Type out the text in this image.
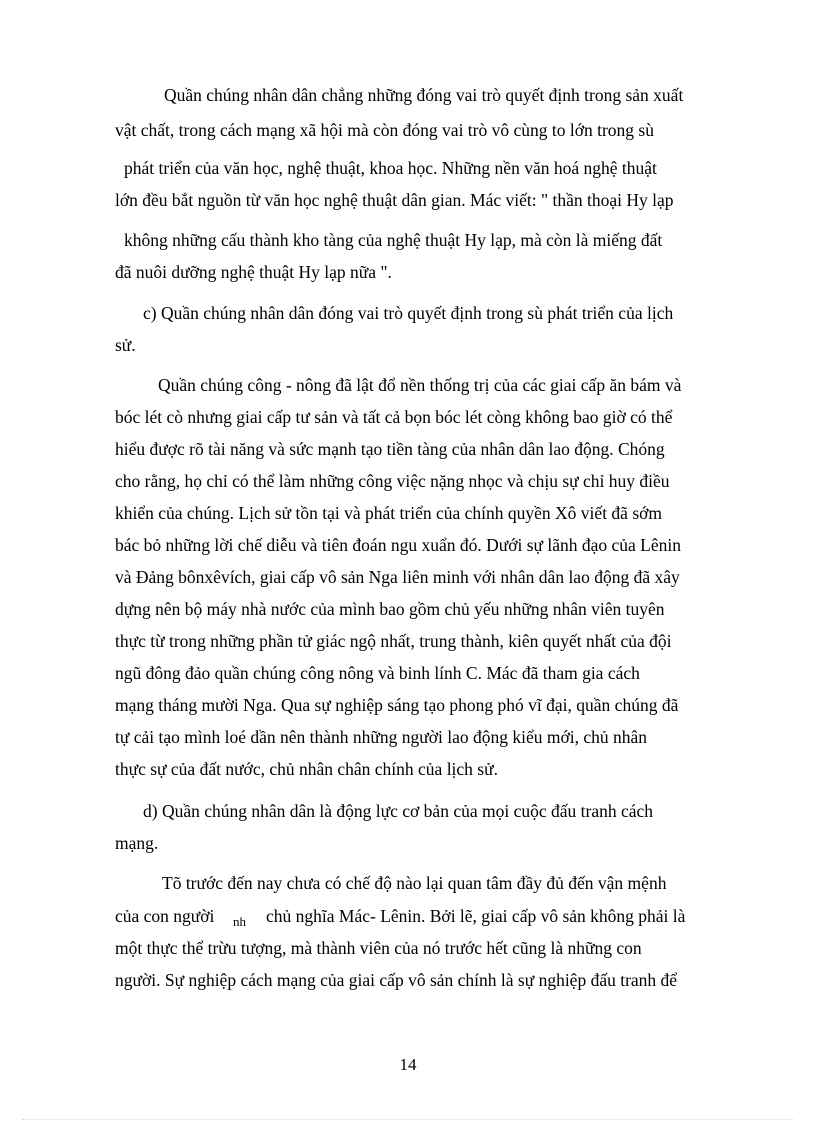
Quần chúng nhân dân chẳng những đóng vai trò quyết định trong sản xuất
vật chất, trong cách mạng xã hội mà còn đóng vai trò vô cùng to lớn trong sù
phát triển của văn học, nghệ thuật, khoa học. Những nền văn hoá nghệ thuật
lớn đều bắt nguồn từ văn học nghệ thuật dân gian. Mác viết: " thần thoại Hy lạp
không những cấu thành kho tàng của nghệ thuật Hy lạp, mà còn là miếng đất
đã nuôi dưỡng nghệ thuật Hy lạp nữa ".
c) Quần chúng nhân dân đóng vai trò quyết định trong sù phát triển của lịch
sử.
Quần chúng công - nông đã lật đổ nền thống trị của các giai cấp ăn bám và
bóc lét cò nhưng giai cấp tư sản và tất cả bọn bóc lét còng không bao giờ có thể
hiểu được rõ tài năng và sức mạnh tạo tiền tàng của nhân dân lao động. Chóng
cho rằng, họ chỉ có thể làm những công việc nặng nhọc và chịu sự chỉ huy điều
khiển của chúng. Lịch sử tồn tại và phát triển của chính quyền Xô viết đã sớm
bác bỏ những lời chế diễu và tiên đoán ngu xuẩn đó. Dưới sự lãnh đạo của Lênin
và Đảng bônxêvích, giai cấp vô sản Nga liên minh với nhân dân lao động đã xây
dựng nên bộ máy nhà nước của mình bao gồm chủ yếu những nhân viên tuyên
thực từ trong những phần tử giác ngộ nhất, trung thành, kiên quyết nhất của đội
ngũ đông đảo quần chúng công nông và binh lính C. Mác đã tham gia cách
mạng tháng mười Nga. Qua sự nghiệp sáng tạo phong phó vĩ đại, quần chúng đã
tự cải tạo mình loé dần nên thành những người lao động kiểu mới, chủ nhân
thực sự của đất nước, chủ nhân chân chính của lịch sử.
d) Quần chúng nhân dân là động lực cơ bản của mọi cuộc đấu tranh cách
mạng.
Tõ trước đến nay chưa có chế độ nào lại quan tâm đầy đủ đến vận mệnh
của con người nh chủ nghĩa Mác- Lênin. Bởi lẽ, giai cấp vô sản không phải là
một thực thể trừu tượng, mà thành viên của nó trước hết cũng là những con
người. Sự nghiệp cách mạng của giai cấp vô sản chính là sự nghiệp đấu tranh để
14
